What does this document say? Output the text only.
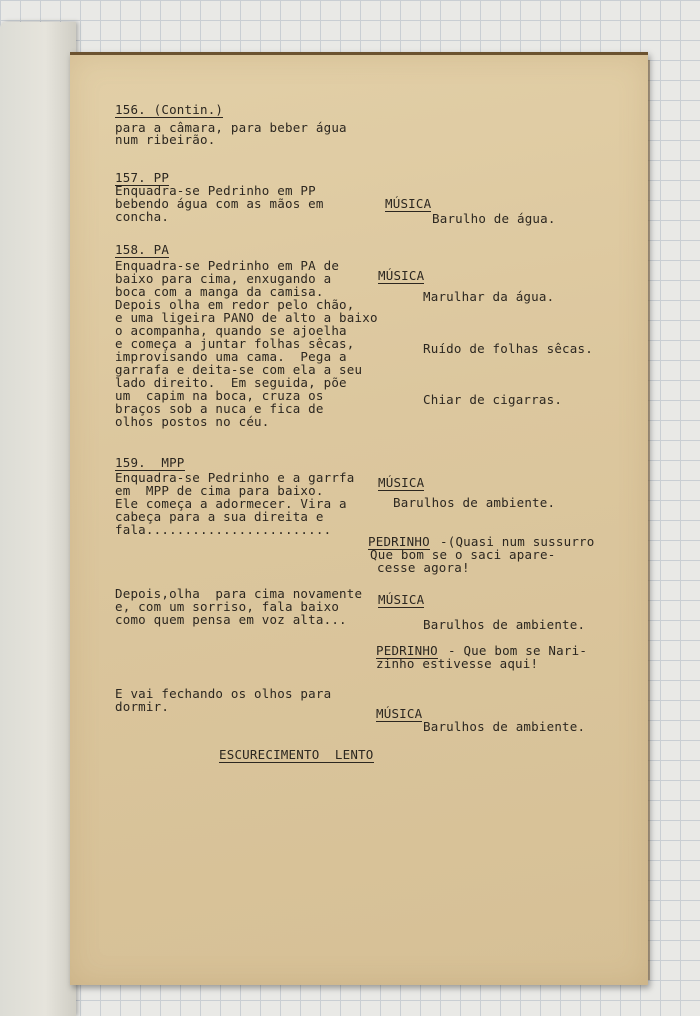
156. (Contin.)
para a câmara, para beber água
num ribeirão.
157. PP
Enquadra-se Pedrinho em PP
bebendo água com as mãos em
concha.
MÚSICA
Barulho de água.
158. PA
Enquadra-se Pedrinho em PA de
baixo para cima, enxugando a
boca com a manga da camisa.
Depois olha em redor pelo chão,
e uma ligeira PANO de alto a baixo
o acompanha, quando se ajoelha
e começa a juntar folhas sêcas,
improvisando uma cama.  Pega a
garrafa e deita-se com ela a seu
lado direito.  Em seguida, põe
um  capim na boca, cruza os
braços sob a nuca e fica de
olhos postos no céu.
MÚSICA
Marulhar da água.
Ruído de folhas sêcas.
Chiar de cigarras.
159.  MPP
Enquadra-se Pedrinho e a garrfa
em  MPP de cima para baixo.
Ele começa a adormecer. Vira a
cabeça para a sua direita e
fala........................
MÚSICA
Barulhos de ambiente.
PEDRINHO -(Quasi num sussurro
Que bom se o saci apare-
cesse agora!
Depois,olha  para cima novamente
e, com um sorriso, fala baixo
como quem pensa em voz alta...
MÚSICA
Barulhos de ambiente.
PEDRINHO - Que bom se Nari-
zinho estivesse aqui!
E vai fechando os olhos para
dormir.	MÚSICA
Barulhos de ambiente.
ESCURECIMENTO  LENTO
